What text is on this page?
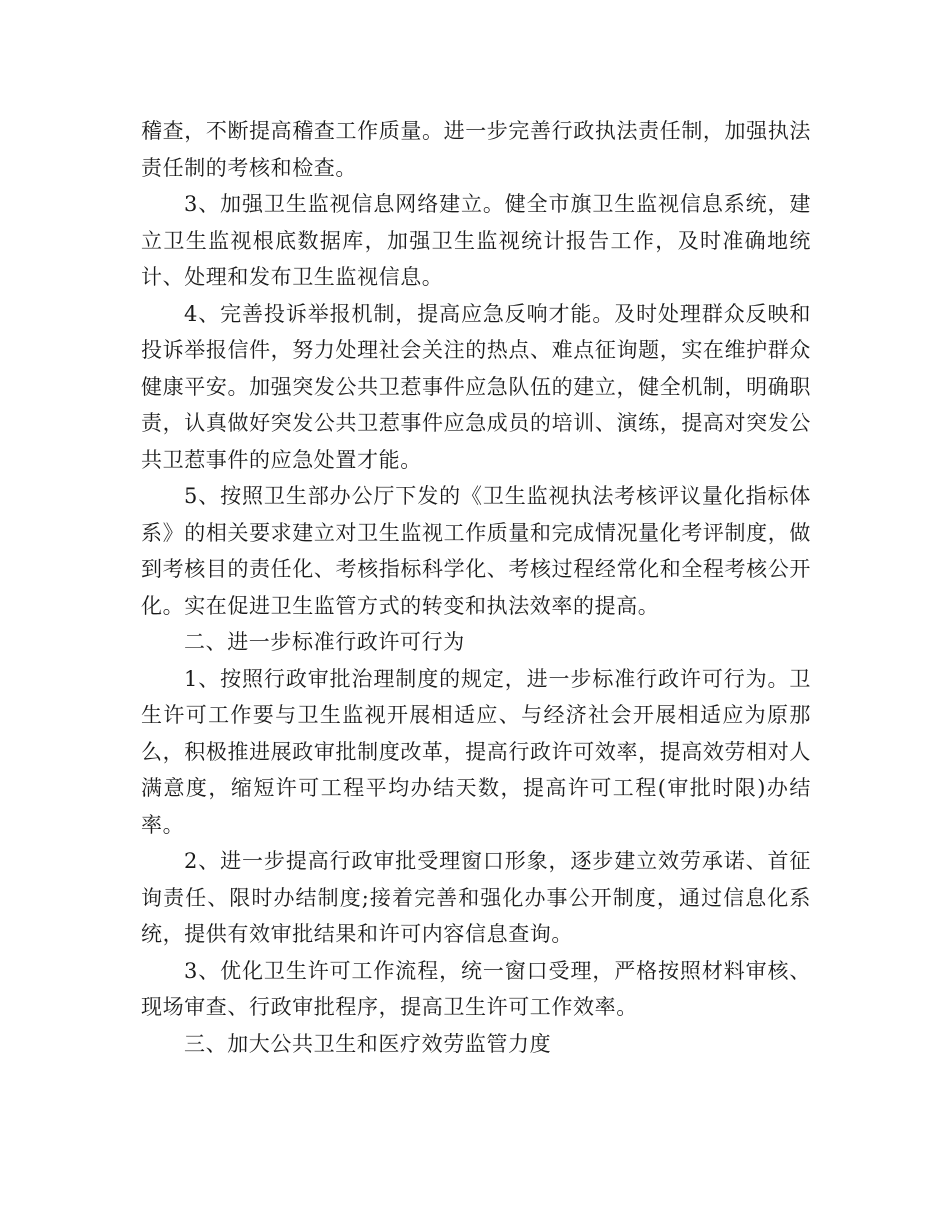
稽查，不断提高稽查工作质量。进一步完善行政执法责任制，加强执法责任制的考核和检查。

3、加强卫生监视信息网络建立。健全市旗卫生监视信息系统，建立卫生监视根底数据库，加强卫生监视统计报告工作，及时准确地统计、处理和发布卫生监视信息。

4、完善投诉举报机制，提高应急反响才能。及时处理群众反映和投诉举报信件，努力处理社会关注的热点、难点征询题，实在维护群众健康平安。加强突发公共卫惹事件应急队伍的建立，健全机制，明确职责，认真做好突发公共卫惹事件应急成员的培训、演练，提高对突发公共卫惹事件的应急处置才能。

5、按照卫生部办公厅下发的《卫生监视执法考核评议量化指标体系》的相关要求建立对卫生监视工作质量和完成情况量化考评制度，做到考核目的责任化、考核指标科学化、考核过程经常化和全程考核公开化。实在促进卫生监管方式的转变和执法效率的提高。

二、进一步标准行政许可行为

1、按照行政审批治理制度的规定，进一步标准行政许可行为。卫生许可工作要与卫生监视开展相适应、与经济社会开展相适应为原那么，积极推进展政审批制度改革，提高行政许可效率，提高效劳相对人满意度，缩短许可工程平均办结天数，提高许可工程(审批时限)办结率。

2、进一步提高行政审批受理窗口形象，逐步建立效劳承诺、首征询责任、限时办结制度;接着完善和强化办事公开制度，通过信息化系统，提供有效审批结果和许可内容信息查询。

3、优化卫生许可工作流程，统一窗口受理，严格按照材料审核、现场审查、行政审批程序，提高卫生许可工作效率。

三、加大公共卫生和医疗效劳监管力度
